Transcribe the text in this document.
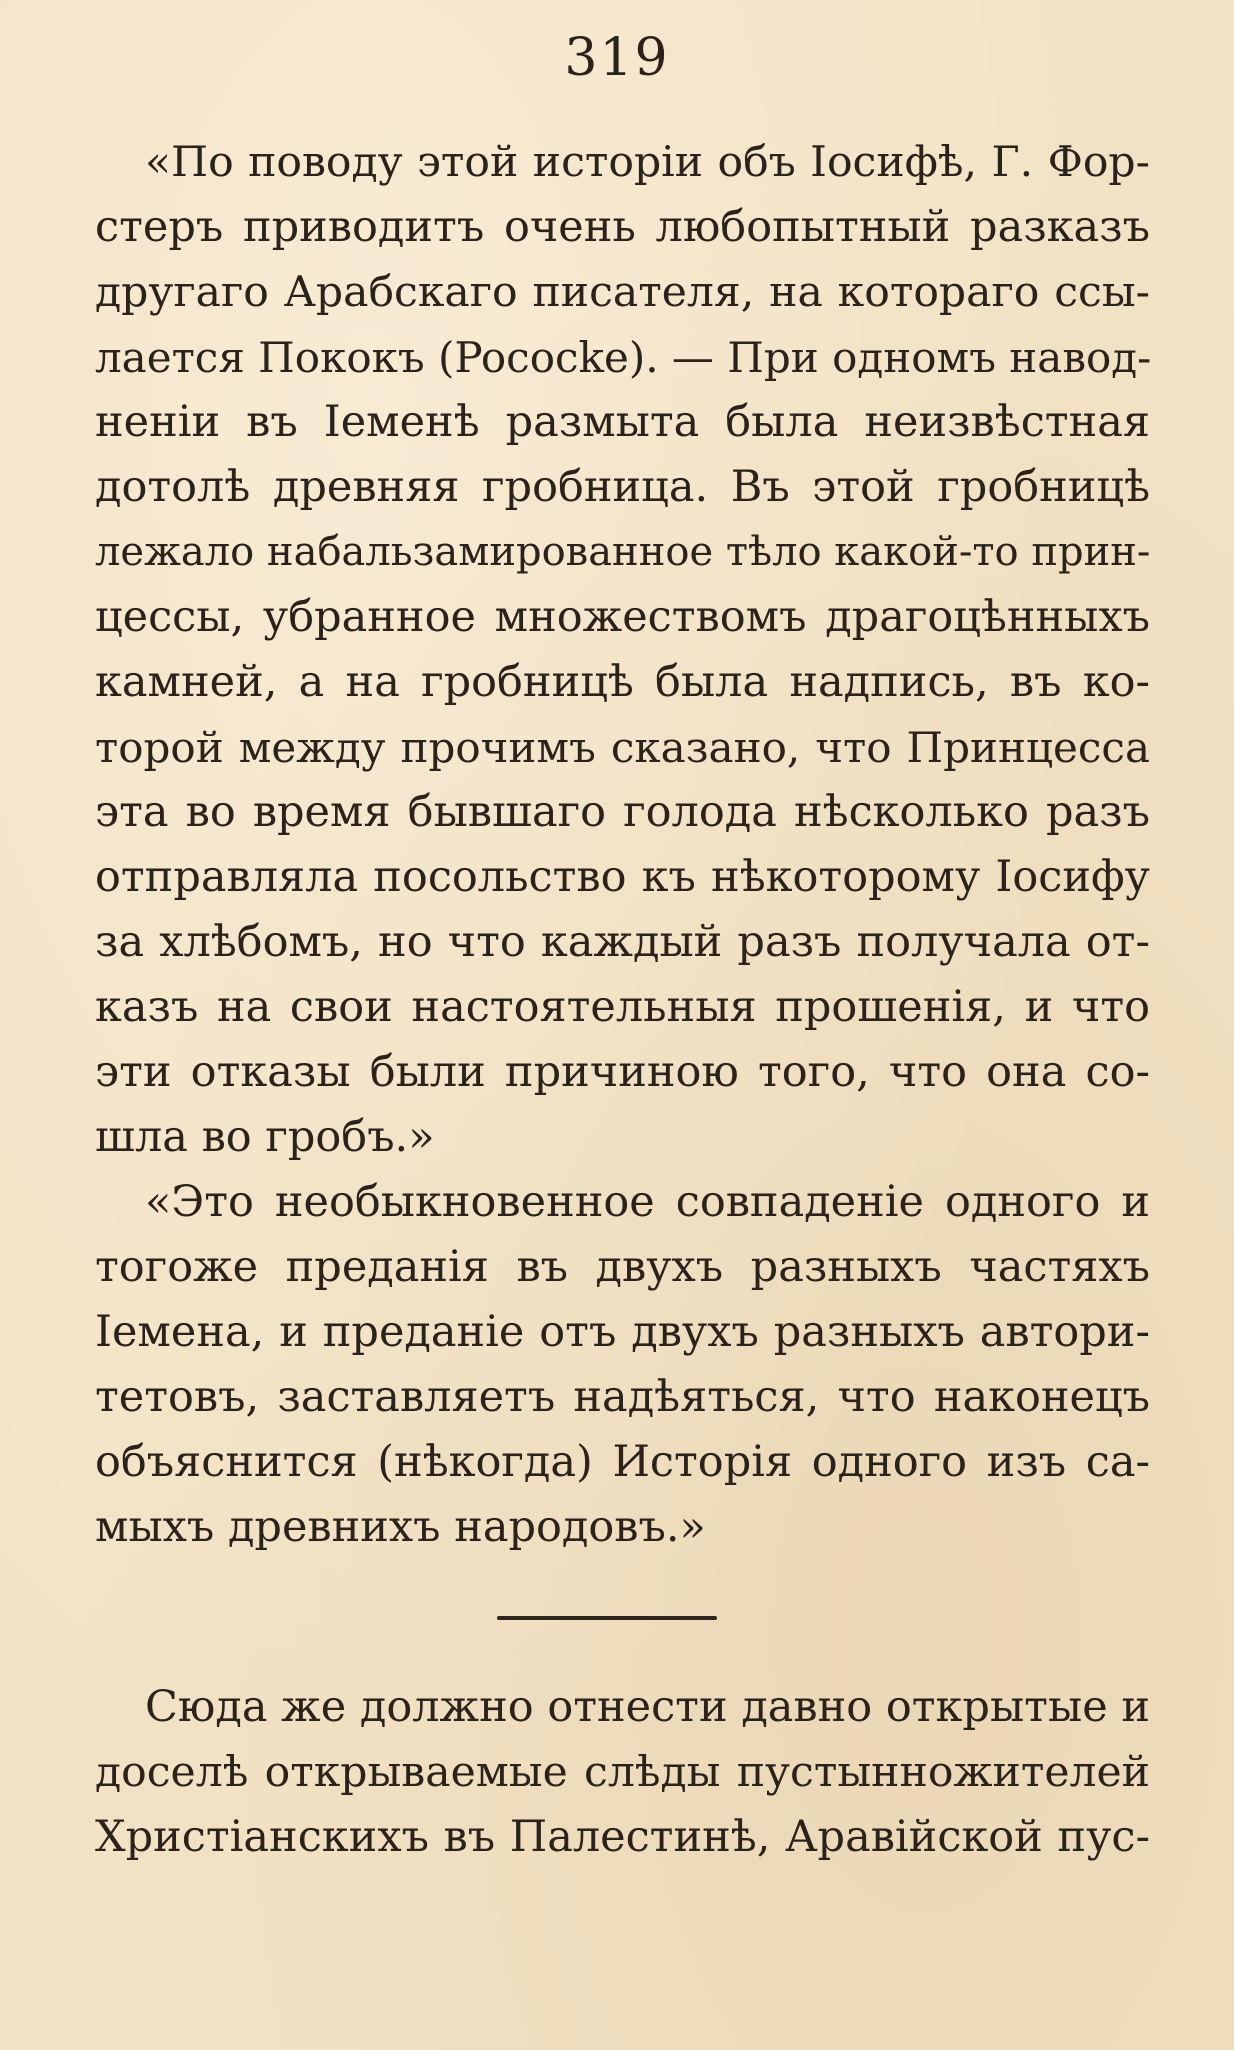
319
«По поводу этой исторіи объ Іосифѣ, Г. Фор-
стеръ приводитъ очень любопытный разказъ
другаго Арабскаго писателя, на котораго ссы-
лается Пококъ (Pococke). — При одномъ навод-
неніи въ Іеменѣ размыта была неизвѣстная
дотолѣ древняя гробница. Въ этой гробницѣ
лежало набальзамированное тѣло какой-то прин-
цессы, убранное множествомъ драгоцѣнныхъ
камней, а на гробницѣ была надпись, въ ко-
торой между прочимъ сказано, что Принцесса
эта во время бывшаго голода нѣсколько разъ
отправляла посольство къ нѣкоторому Іосифу
за хлѣбомъ, но что каждый разъ получала от-
казъ на свои настоятельныя прошенія, и что
эти отказы были причиною того, что она со-
шла во гробъ.»
«Это необыкновенное совпаденіе одного и
тогоже преданія въ двухъ разныхъ частяхъ
Іемена, и преданіе отъ двухъ разныхъ автори-
тетовъ, заставляетъ надѣяться, что наконецъ
объяснится (нѣкогда) Исторія одного изъ са-
мыхъ древнихъ народовъ.»
Сюда же должно отнести давно открытые и
доселѣ открываемые слѣды пустынножителей
Христіанскихъ въ Палестинѣ, Аравійской пус-
